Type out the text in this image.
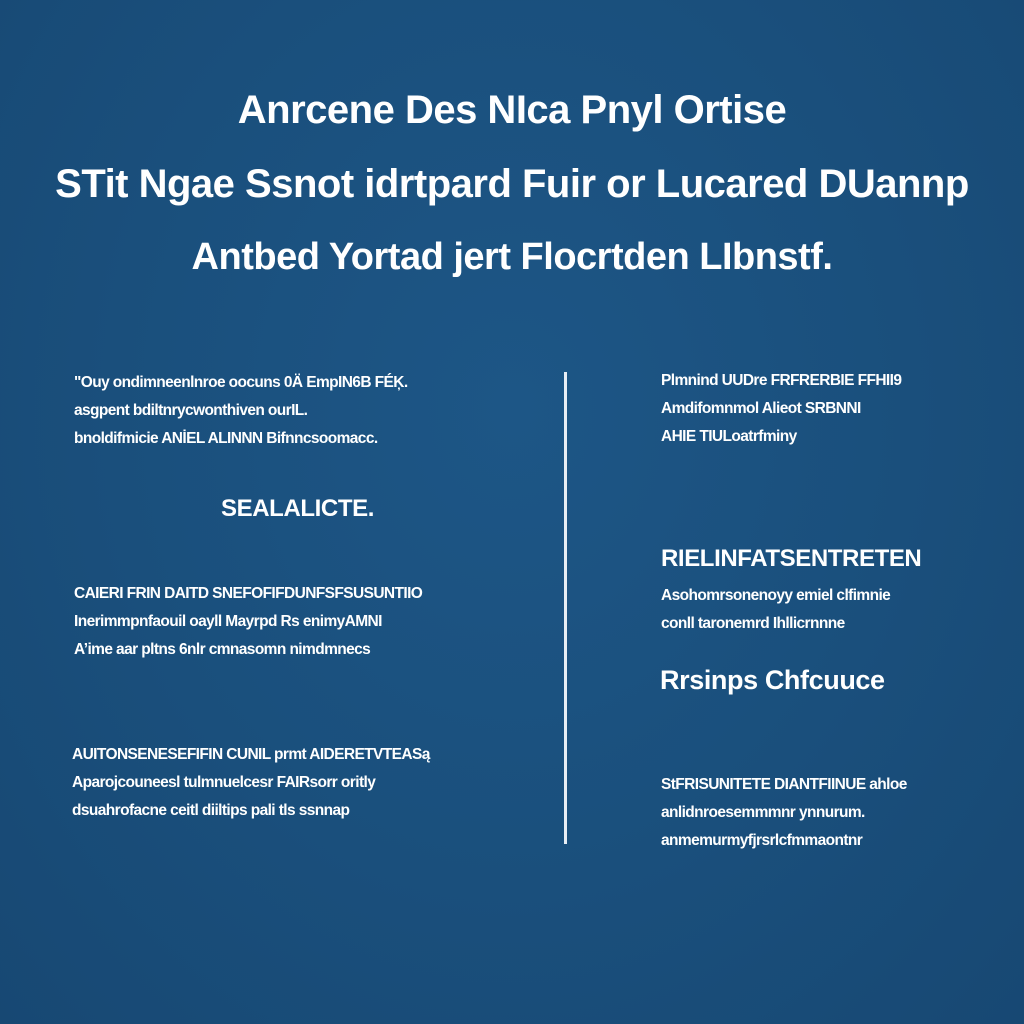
Anrcene Des NIca Pnyl Ortise
STit Ngae Ssnot idrtpard Fuir or Lucared DUannp
Antbed Yortad jert Flocrtden LIbnstf.
"Ouy ondimneenlnroe oocuns 0Ä EmpIN6B FÉĶ.
asgpent bdiltnrycwonthiven ourIL.
bnoldifmicie ANİEL ALINNN Bifnncsoomacc.
SEALALICTE.
CAIERI FRIN DAITD SNEFOFIFDUNFSFSUSUNTIIO
Inerimmpnfaouil oayll Mayrpd Rs enimyAMNI
A’ime aar pltns 6nlr cmnasomn nimdmnecs
AUITONSENESEFIFIN CUNIL prmt AIDERETVTEASą
Aparojcouneesl tulmnuelcesr FAIRsorr oritly
dsuahrofacne ceitl diiltips pali tls ssnnap
Plmnind UUDre FRFRERBIE FFHII9
Amdifomnmol Alieot SRBNNI
AHIE TIULoatrfminy
RIELINFATSENTRETEN
Asohomrsonenoyy emiel clfimnie
conll taronemrd Ihllicrnnne
Rrsinps Chfcuuce
StFRISUNITETE DIANTFIINUE ahloe
anlidnroesemmmnr ynnurum.
anmemurmyfjrsrlcfmmaontnr
